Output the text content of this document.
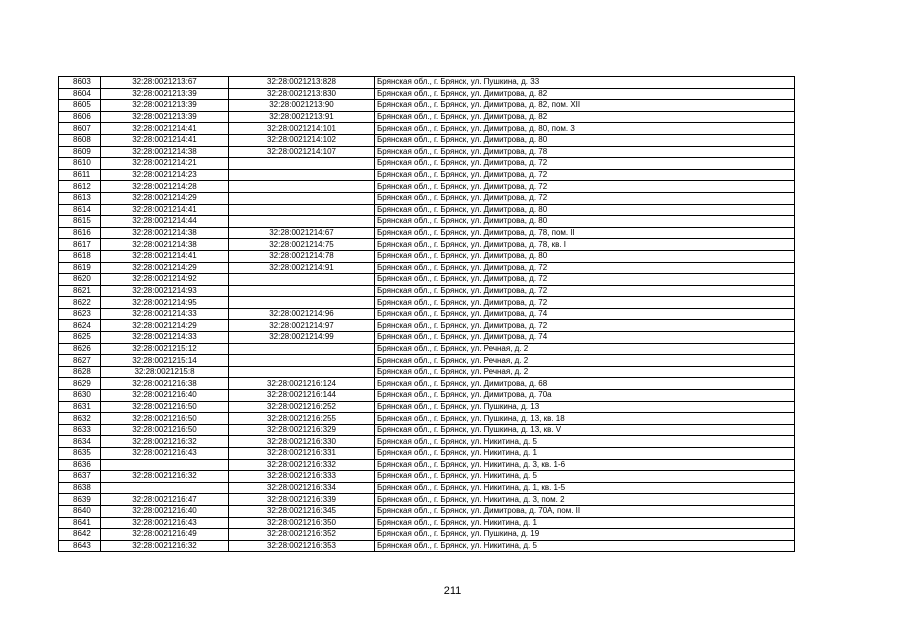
8603	32:28:0021213:67	32:28:0021213:828	Брянская обл., г. Брянск, ул. Пушкина, д. 33
8604	32:28:0021213:39	32:28:0021213:830	Брянская обл., г. Брянск, ул. Димитрова, д. 82
8605	32:28:0021213:39	32:28:0021213:90	Брянская обл., г. Брянск, ул. Димитрова, д. 82, пом. XII
8606	32:28:0021213:39	32:28:0021213:91	Брянская обл., г. Брянск, ул. Димитрова, д. 82
8607	32:28:0021214:41	32:28:0021214:101	Брянская обл., г. Брянск, ул. Димитрова, д. 80, пом. 3
8608	32:28:0021214:41	32:28:0021214:102	Брянская обл., г. Брянск, ул. Димитрова, д. 80
8609	32:28:0021214:38	32:28:0021214:107	Брянская обл., г. Брянск, ул. Димитрова, д. 78
8610	32:28:0021214:21		Брянская обл., г. Брянск, ул. Димитрова, д. 72
8611	32:28:0021214:23		Брянская обл., г. Брянск, ул. Димитрова, д. 72
8612	32:28:0021214:28		Брянская обл., г. Брянск, ул. Димитрова, д. 72
8613	32:28:0021214:29		Брянская обл., г. Брянск, ул. Димитрова, д. 72
8614	32:28:0021214:41		Брянская обл., г. Брянск, ул. Димитрова, д. 80
8615	32:28:0021214:44		Брянская обл., г. Брянск, ул. Димитрова, д. 80
8616	32:28:0021214:38	32:28:0021214:67	Брянская обл., г. Брянск, ул. Димитрова, д. 78, пом. II
8617	32:28:0021214:38	32:28:0021214:75	Брянская обл., г. Брянск, ул. Димитрова, д. 78, кв. I
8618	32:28:0021214:41	32:28:0021214:78	Брянская обл., г. Брянск, ул. Димитрова, д. 80
8619	32:28:0021214:29	32:28:0021214:91	Брянская обл., г. Брянск, ул. Димитрова, д. 72
8620	32:28:0021214:92		Брянская обл., г. Брянск, ул. Димитрова, д. 72
8621	32:28:0021214:93		Брянская обл., г. Брянск, ул. Димитрова, д. 72
8622	32:28:0021214:95		Брянская обл., г. Брянск, ул. Димитрова, д. 72
8623	32:28:0021214:33	32:28:0021214:96	Брянская обл., г. Брянск, ул. Димитрова, д. 74
8624	32:28:0021214:29	32:28:0021214:97	Брянская обл., г. Брянск, ул. Димитрова, д. 72
8625	32:28:0021214:33	32:28:0021214:99	Брянская обл., г. Брянск, ул. Димитрова, д. 74
8626	32:28:0021215:12		Брянская обл., г. Брянск, ул. Речная, д. 2
8627	32:28:0021215:14		Брянская обл., г. Брянск, ул. Речная, д. 2
8628	32:28:0021215:8		Брянская обл., г. Брянск, ул. Речная, д. 2
8629	32:28:0021216:38	32:28:0021216:124	Брянская обл., г. Брянск, ул. Димитрова, д. 68
8630	32:28:0021216:40	32:28:0021216:144	Брянская обл., г. Брянск, ул. Димитрова, д. 70а
8631	32:28:0021216:50	32:28:0021216:252	Брянская обл., г. Брянск, ул. Пушкина, д. 13
8632	32:28:0021216:50	32:28:0021216:255	Брянская обл., г. Брянск, ул. Пушкина, д. 13, кв. 18
8633	32:28:0021216:50	32:28:0021216:329	Брянская обл., г. Брянск, ул. Пушкина, д. 13, кв. V
8634	32:28:0021216:32	32:28:0021216:330	Брянская обл., г. Брянск, ул. Никитина, д. 5
8635	32:28:0021216:43	32:28:0021216:331	Брянская обл., г. Брянск, ул. Никитина, д. 1
8636		32:28:0021216:332	Брянская обл., г. Брянск, ул. Никитина, д. 3, кв. 1-6
8637	32:28:0021216:32	32:28:0021216:333	Брянская обл., г. Брянск, ул. Никитина, д. 5
8638		32:28:0021216:334	Брянская обл., г. Брянск, ул. Никитина, д. 1, кв. 1-5
8639	32:28:0021216:47	32:28:0021216:339	Брянская обл., г. Брянск, ул. Никитина, д. 3, пом. 2
8640	32:28:0021216:40	32:28:0021216:345	Брянская обл., г. Брянск, ул. Димитрова, д. 70А, пом. II
8641	32:28:0021216:43	32:28:0021216:350	Брянская обл., г. Брянск, ул. Никитина, д. 1
8642	32:28:0021216:49	32:28:0021216:352	Брянская обл., г. Брянск, ул. Пушкина, д. 19
8643	32:28:0021216:32	32:28:0021216:353	Брянская обл., г. Брянск, ул. Никитина, д. 5
211
